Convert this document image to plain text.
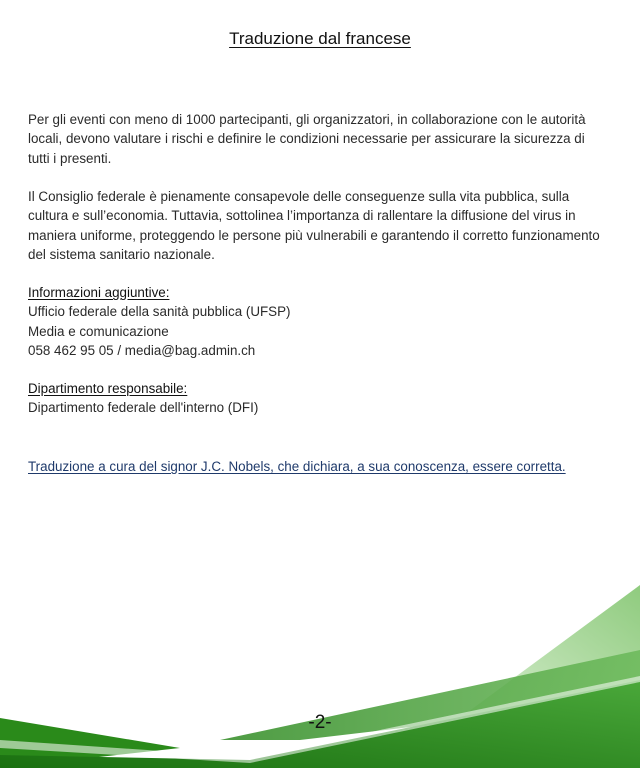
Traduzione dal francese
Per gli eventi con meno di 1000 partecipanti, gli organizzatori, in collaborazione con le autorità locali, devono valutare i rischi e definire le condizioni necessarie per assicurare la sicurezza di tutti i presenti.
Il Consiglio federale è pienamente consapevole delle conseguenze sulla vita pubblica, sulla cultura e sull’economia. Tuttavia, sottolinea l’importanza di rallentare la diffusione del virus in maniera uniforme, proteggendo le persone più vulnerabili e garantendo il corretto funzionamento del sistema sanitario nazionale.
Informazioni aggiuntive:
Ufficio federale della sanità pubblica (UFSP)
Media e comunicazione
058 462 95 05 / media@bag.admin.ch
Dipartimento responsabile:
Dipartimento federale dell'interno (DFI)
Traduzione a cura del signor J.C. Nobels, che dichiara, a sua conoscenza, essere corretta.
-2-
